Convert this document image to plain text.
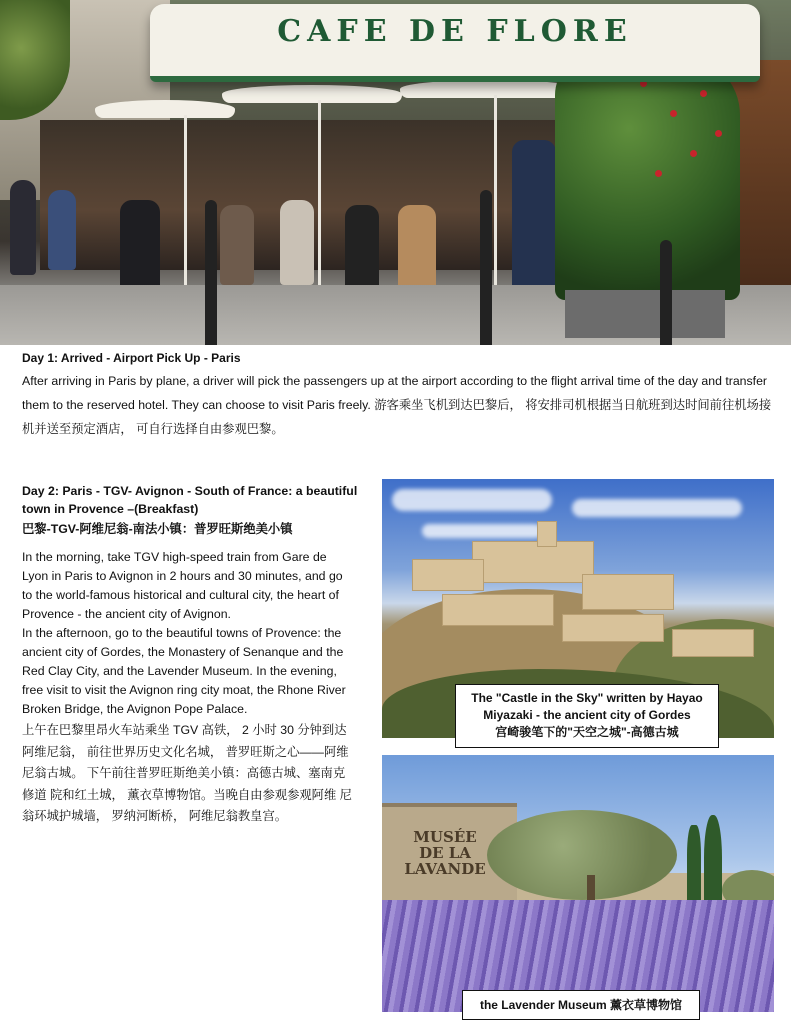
CAFE DE FLORE
Day 1: Arrived - Airport Pick Up - Paris
After arriving in Paris by plane, a driver will pick the passengers up at the airport according to the flight arrival time of the day and transfer them to the reserved hotel. They can choose to visit Paris freely. 游客乘坐飞机到达巴黎后， 将安排司机根据当日航班到达时间前往机场接机并送至预定酒店， 可自行选择自由参观巴黎。
Day 2: Paris - TGV- Avignon - South of France: a beautiful town in Provence –(Breakfast)
巴黎-TGV-阿维尼翁-南法小镇：普罗旺斯绝美小镇

In the morning, take TGV high-speed train from Gare de Lyon in Paris to Avignon in 2 hours and 30 minutes, and go to the world-famous historical and cultural city, the heart of Provence - the ancient city of Avignon.

In the afternoon, go to the beautiful towns of Provence: the ancient city of Gordes, the Monastery of Senanque and the Red Clay City, and the Lavender Museum. In the evening, free visit to visit the Avignon ring city moat, the Rhone River Broken Bridge, the Avignon Pope Palace.

上午在巴黎里昂火车站乘坐 TGV 高铁， 2 小时 30 分钟到达阿维尼翁， 前往世界历史文化名城， 普罗旺斯之心——阿维尼翁古城。 下午前往普罗旺斯绝美小镇：高德古城、塞南克修道 院和红土城， 薰衣草博物馆。当晚自由参观参观阿维 尼翁环城护城墙， 罗纳河断桥， 阿维尼翁教皇宫。
The "Castle in the Sky" written by Hayao
Miyazaki - the ancient city of Gordes
宫崎骏笔下的"天空之城"-高德古城
MUSÉE
DE LA
LAVANDE
the Lavender Museum 薰衣草博物馆
